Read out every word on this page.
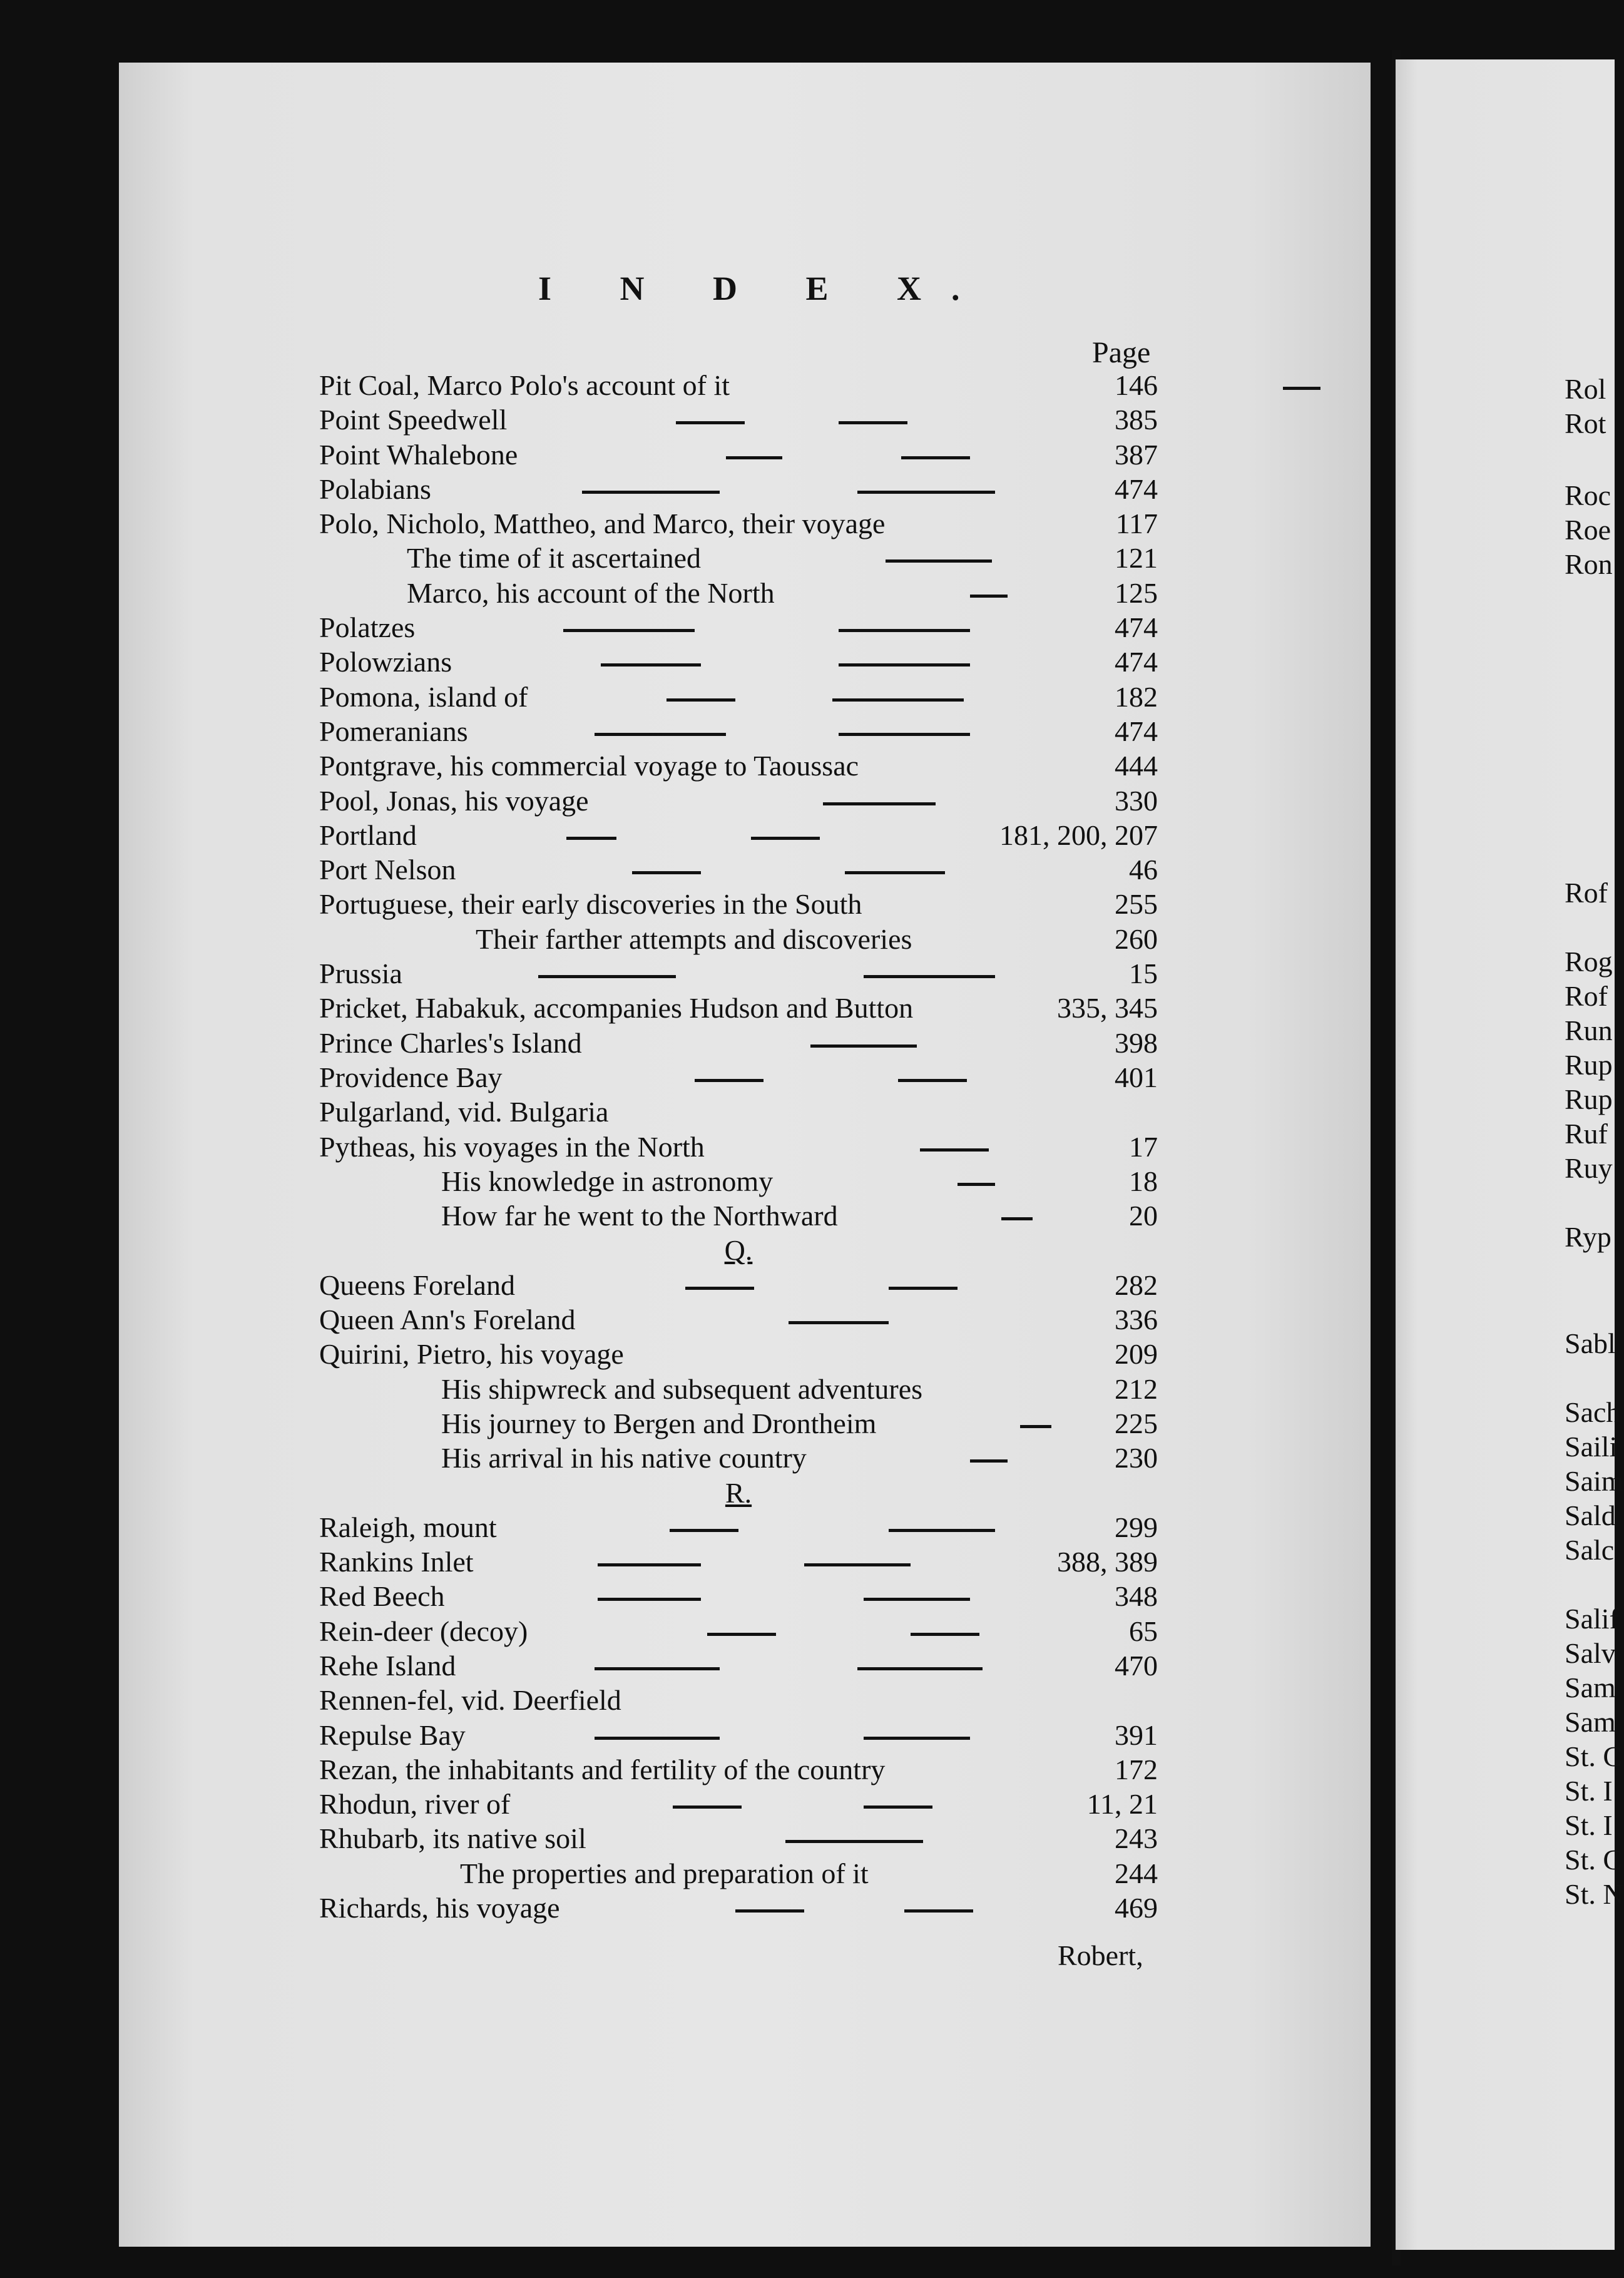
Rol
Rot
Roc
Roe
Ron
Rof
Rog
Rof
Run
Rup
Rup
Ruf
Ruy
Ryp
Sabl
Sach
Saili
Saim
Sald
Salc
Salif
Salv
Sam
Sam
St. C
St. I
St. I
St. C
St. N
I N D E X.
Page
Pit Coal, Marco Polo's account of it	146
Point Speedwell	385
Point Whalebone	387
Polabians	474
Polo, Nicholo, Mattheo, and Marco, their voyage	117
The time of it ascertained	121
Marco, his account of the North	125
Polatzes	474
Polowzians	474
Pomona, island of	182
Pomeranians	474
Pontgrave, his commercial voyage to Taoussac	444
Pool, Jonas, his voyage	330
Portland	181, 200, 207
Port Nelson	46
Portuguese, their early discoveries in the South	255
Their farther attempts and discoveries	260
Prussia	15
Pricket, Habakuk, accompanies Hudson and Button	335, 345
Prince Charles's Island	398
Providence Bay	401
Pulgarland, vid. Bulgaria
Pytheas, his voyages in the North	17
His knowledge in astronomy	18
How far he went to the Northward	20
Q.
Queens Foreland	282
Queen Ann's Foreland	336
Quirini, Pietro, his voyage	209
His shipwreck and subsequent adventures	212
His journey to Bergen and Drontheim	225
His arrival in his native country	230
R.
Raleigh, mount	299
Rankins Inlet	388, 389
Red Beech	348
Rein-deer (decoy)	65
Rehe Island	470
Rennen-fel, vid. Deerfield
Repulse Bay	391
Rezan, the inhabitants and fertility of the country	172
Rhodun, river of	11, 21
Rhubarb, its native soil	243
The properties and preparation of it	244
Richards, his voyage	469
Robert,
